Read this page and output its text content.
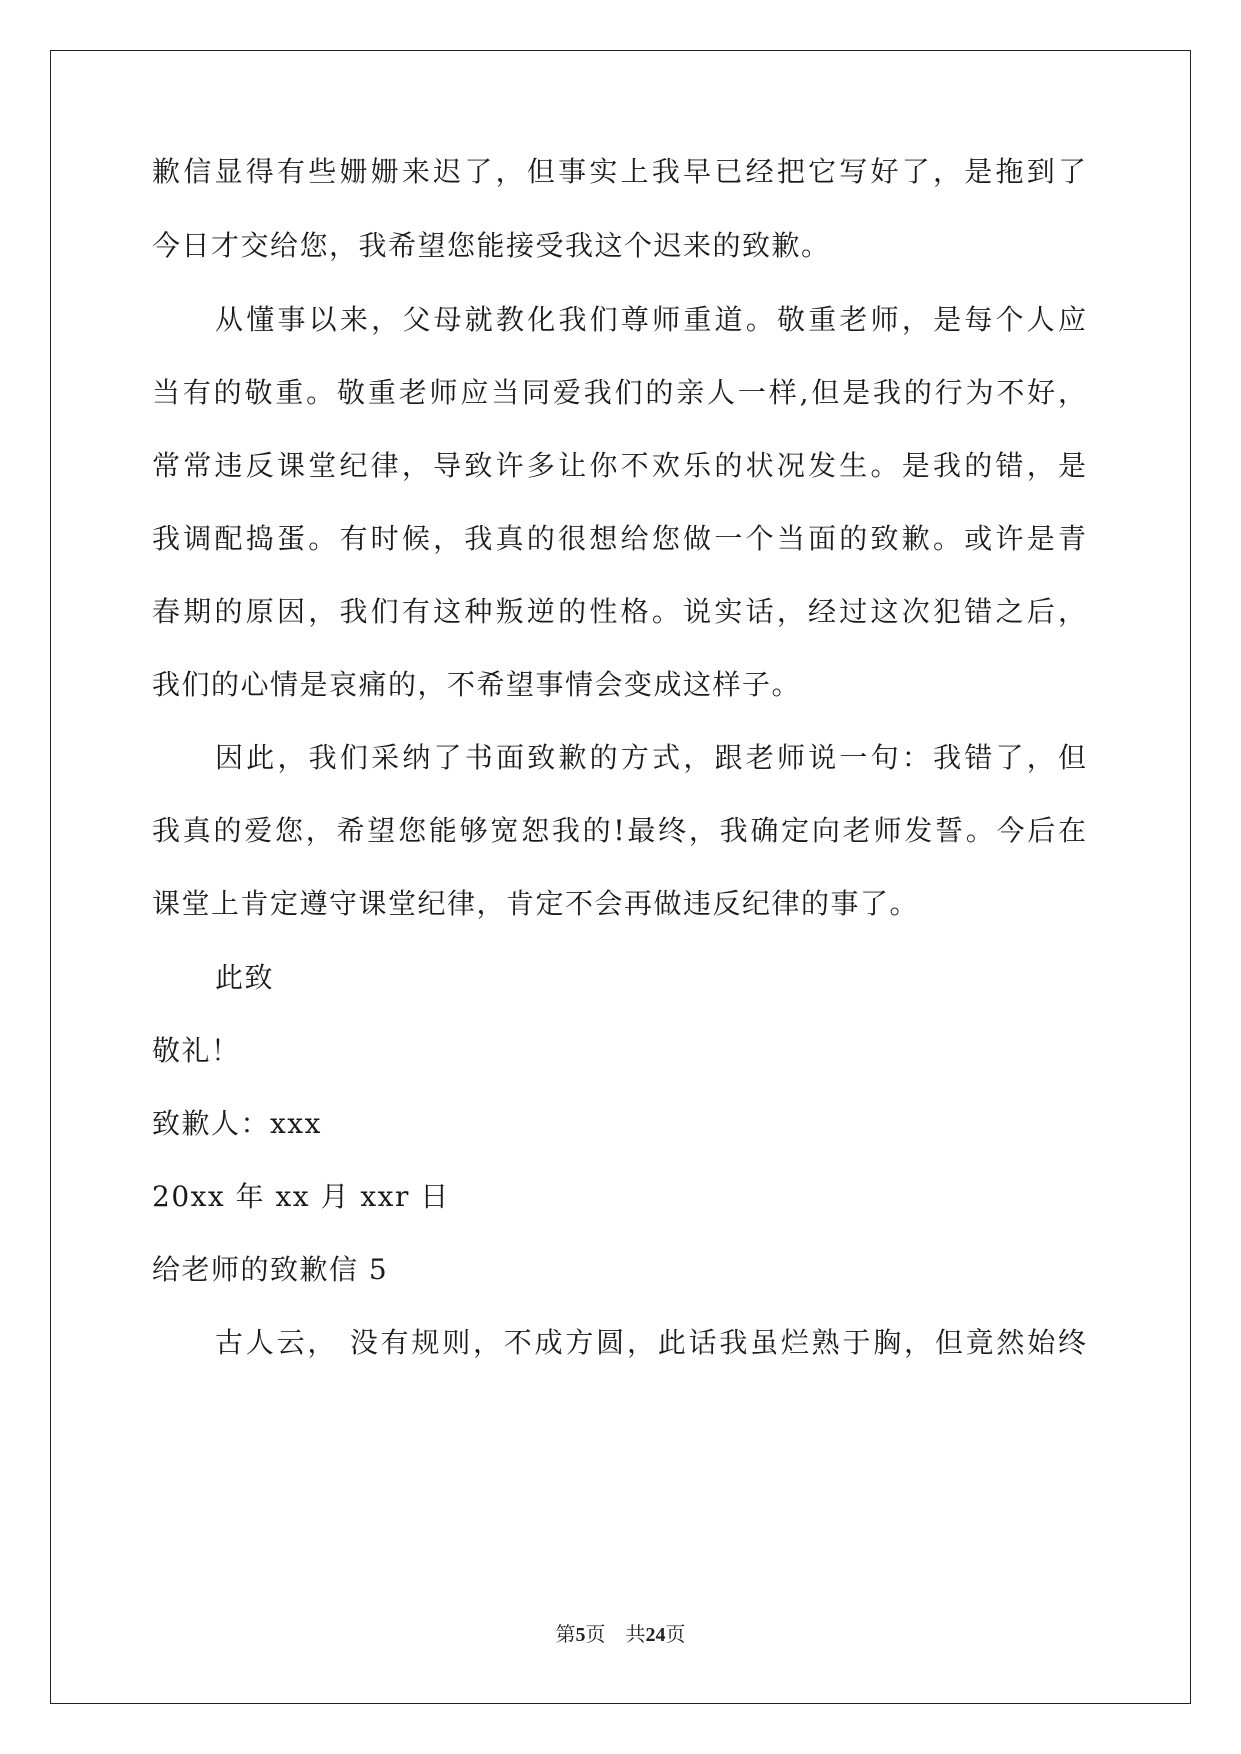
歉信显得有些姗姗来迟了，但事实上我早已经把它写好了，是拖到了
今日才交给您，我希望您能接受我这个迟来的致歉。
从懂事以来，父母就教化我们尊师重道。敬重老师，是每个人应
当有的敬重。敬重老师应当同爱我们的亲人一样,但是我的行为不好，
常常违反课堂纪律，导致许多让你不欢乐的状况发生。是我的错，是
我调配捣蛋。有时候，我真的很想给您做一个当面的致歉。或许是青
春期的原因，我们有这种叛逆的性格。说实话，经过这次犯错之后，
我们的心情是哀痛的，不希望事情会变成这样子。
因此，我们采纳了书面致歉的方式，跟老师说一句：我错了，但
我真的爱您，希望您能够宽恕我的!最终，我确定向老师发誓。今后在
课堂上肯定遵守课堂纪律，肯定不会再做违反纪律的事了。
此致
敬礼！
致歉人：xxx
20xx 年 xx 月 xxr 日
给老师的致歉信 5
古人云， 没有规则，不成方圆，此话我虽烂熟于胸，但竟然始终
第5页    共24页
